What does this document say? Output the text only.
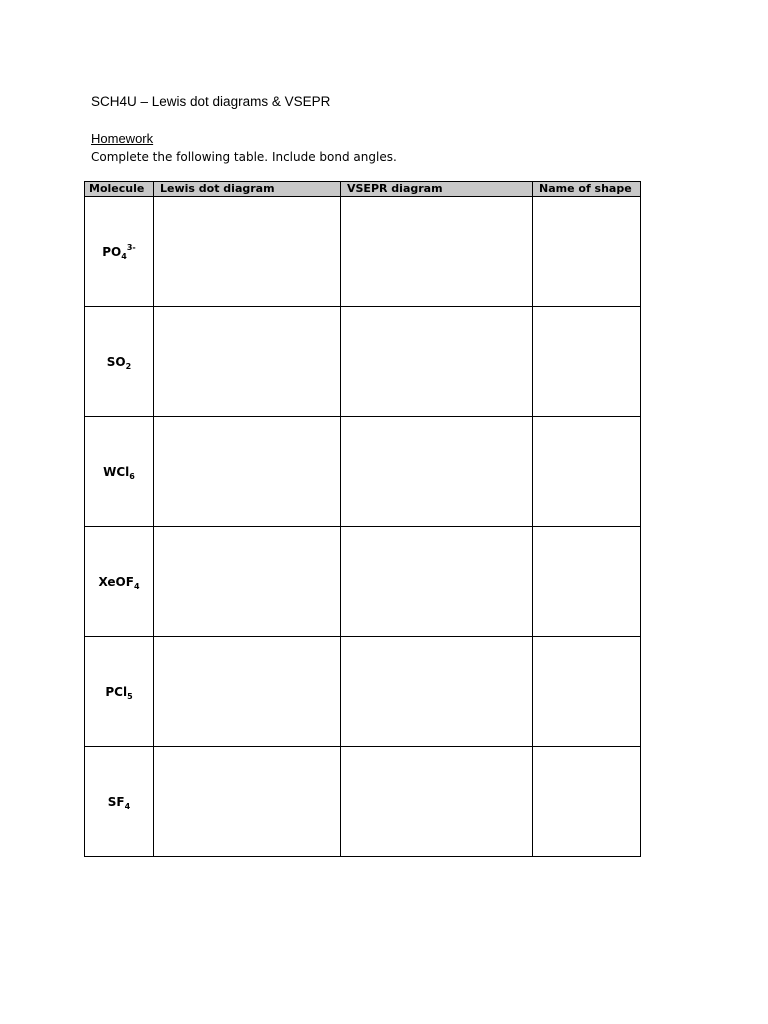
SCH4U – Lewis dot diagrams & VSEPR
Homework
Complete the following table. Include bond angles.
Molecule	Lewis dot diagram	VSEPR diagram	Name of shape
$PO_4^{3-}$			
$SO_2$			
WCl$_6$			
XeOF$_4$			
PCl$_5$			
$SF_4$			
